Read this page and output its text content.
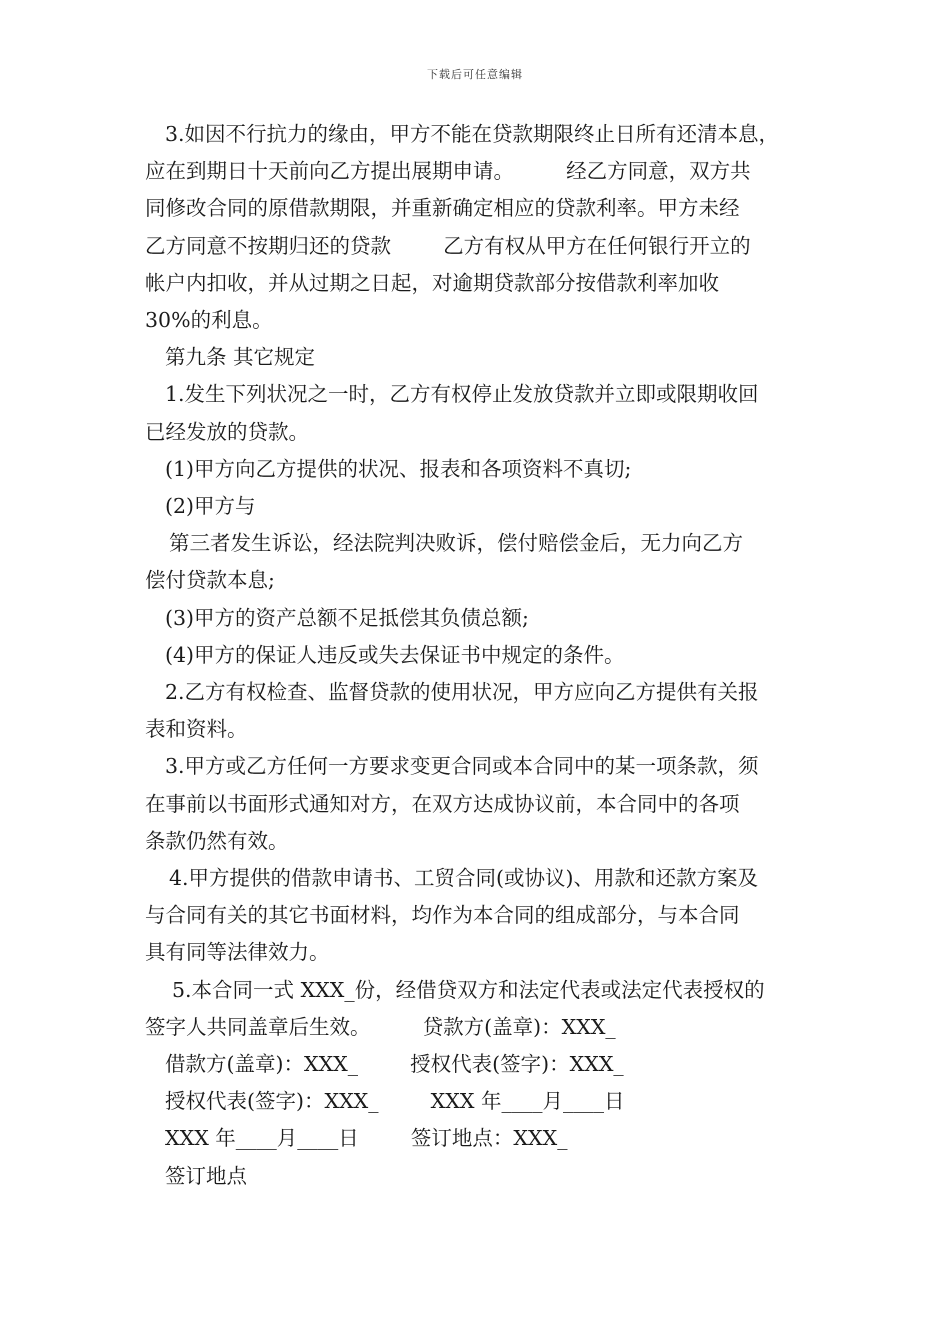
下载后可任意编辑
3.如因不行抗力的缘由，甲方不能在贷款期限终止日所有还清本息，
应在到期日十天前向乙方提出展期申请。        经乙方同意，双方共
同修改合同的原借款期限，并重新确定相应的贷款利率。甲方未经
乙方同意不按期归还的贷款        乙方有权从甲方在任何银行开立的
帐户内扣收，并从过期之日起，对逾期贷款部分按借款利率加收
30%的利息。
第九条 其它规定
1.发生下列状况之一时，乙方有权停止发放贷款并立即或限期收回
已经发放的贷款。
(1)甲方向乙方提供的状况、报表和各项资料不真切;
(2)甲方与
第三者发生诉讼，经法院判决败诉，偿付赔偿金后，无力向乙方
偿付贷款本息;
(3)甲方的资产总额不足抵偿其负债总额;
(4)甲方的保证人违反或失去保证书中规定的条件。
2.乙方有权检查、监督贷款的使用状况，甲方应向乙方提供有关报
表和资料。
3.甲方或乙方任何一方要求变更合同或本合同中的某一项条款，须
在事前以书面形式通知对方，在双方达成协议前，本合同中的各项
条款仍然有效。
4.甲方提供的借款申请书、工贸合同(或协议)、用款和还款方案及
与合同有关的其它书面材料，均作为本合同的组成部分，与本合同
具有同等法律效力。
5.本合同一式 XXX_份，经借贷双方和法定代表或法定代表授权的
签字人共同盖章后生效。        贷款方(盖章)：XXX_
借款方(盖章)：XXX_        授权代表(签字)：XXX_
授权代表(签字)：XXX_        XXX 年____月____日
XXX 年____月____日        签订地点：XXX_
签订地点
